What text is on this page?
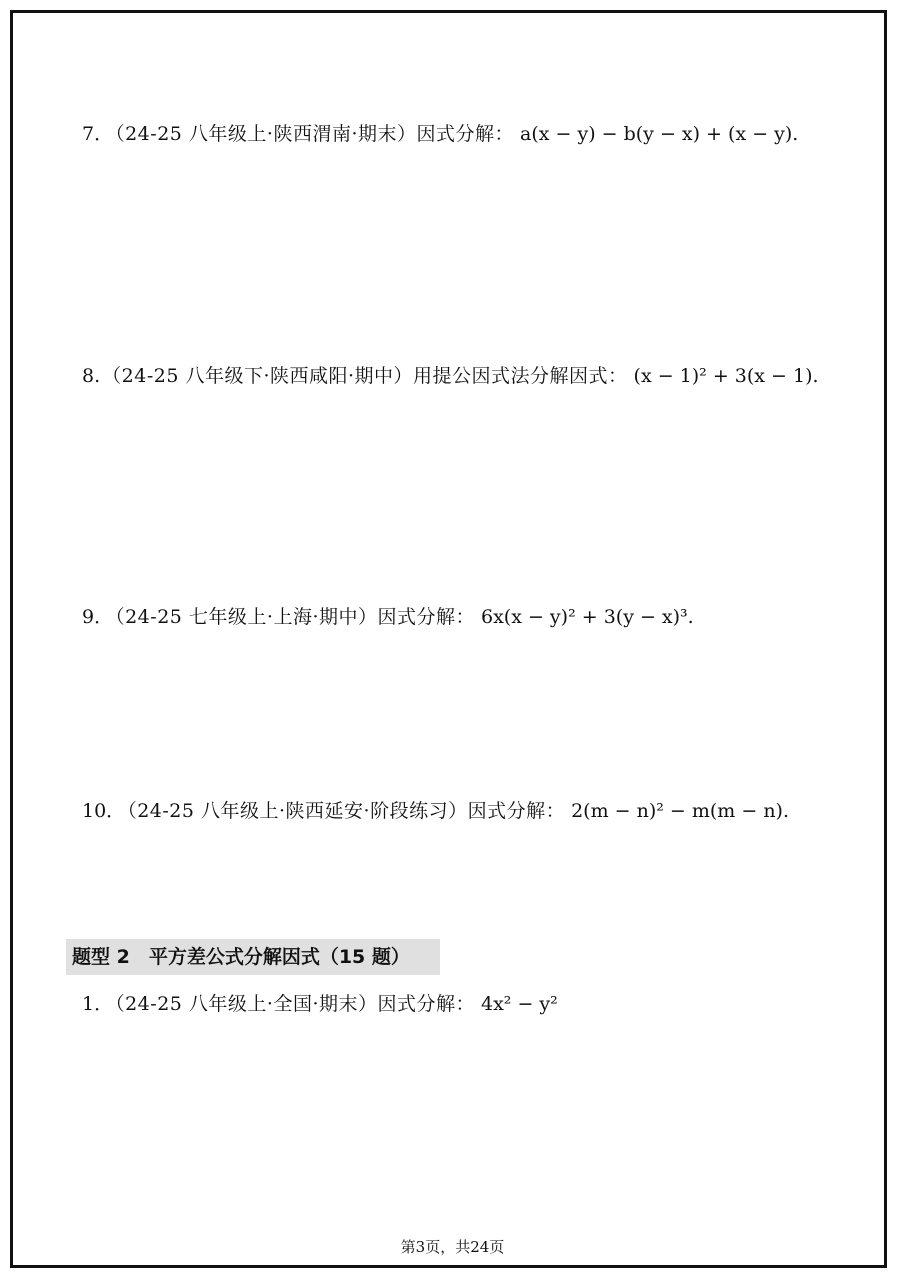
7． （24-25 八年级上·陕西渭南·期末）因式分解： a(x − y) − b(y − x) + (x − y).
8. （24-25 八年级下·陕西咸阳·期中）用提公因式法分解因式： (x − 1)² + 3(x − 1).
9． （24-25 七年级上·上海·期中）因式分解： 6x(x − y)² + 3(y − x)³.
10． （24-25 八年级上·陕西延安·阶段练习）因式分解： 2(m − n)² − m(m − n).
题型 2　平方差公式分解因式（15 题）
1． （24-25 八年级上·全国·期末）因式分解： 4x² − y²
第3页，共24页
